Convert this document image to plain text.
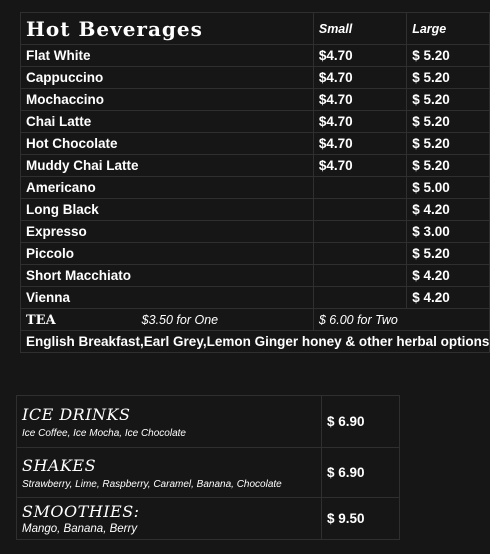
Hot Beverages	Small	Large
Flat White	$4.70	$ 5.20
Cappuccino	$4.70	$ 5.20
Mochaccino	$4.70	$ 5.20
Chai Latte	$4.70	$ 5.20
Hot Chocolate	$4.70	$ 5.20
Muddy Chai Latte	$4.70	$ 5.20
Americano		$ 5.00
Long Black		$ 4.20
Expresso		$ 3.00
Piccolo		$ 5.20
Short Macchiato		$ 4.20
Vienna		$ 4.20
TEA $3.50 for One	$ 6.00 for Two	
English Breakfast,Earl Grey,Lemon Ginger honey & other herbal options		
ICE DRINKS
Ice Coffee, Ice Mocha, Ice Chocolate	$ 6.90

SHAKES
Strawberry, Lime, Raspberry, Caramel, Banana, Chocolate	$ 6.90

SMOOTHIES:
Mango, Banana, Berry	$ 9.50
